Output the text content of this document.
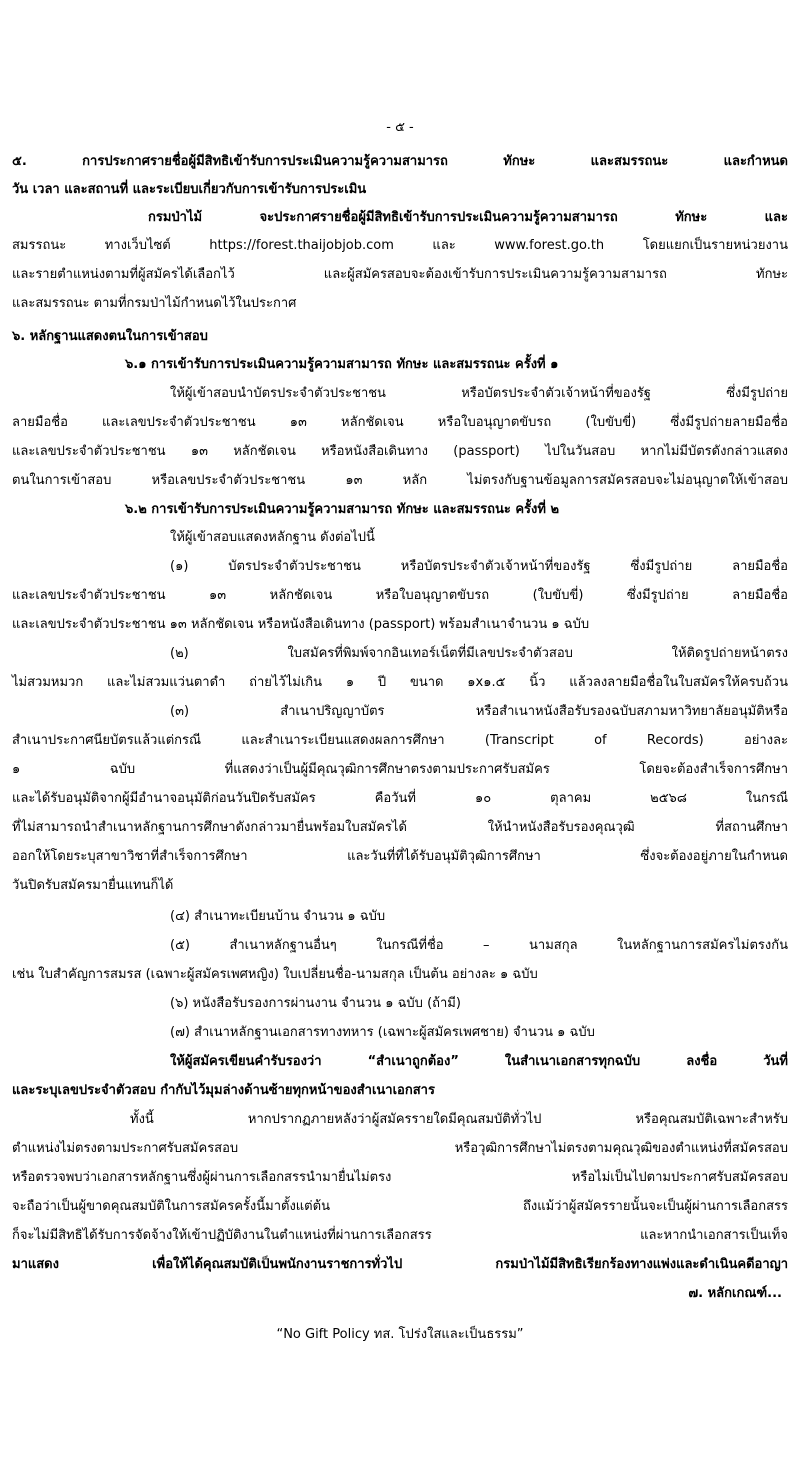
- ๕ -
๕. การประกาศรายชื่อผู้มีสิทธิเข้ารับการประเมินความรู้ความสามารถ ทักษะ และสมรรถนะ และกำหนด
วัน เวลา และสถานที่ และระเบียบเกี่ยวกับการเข้ารับการประเมิน
กรมป่าไม้ จะประกาศรายชื่อผู้มีสิทธิเข้ารับการประเมินความรู้ความสามารถ ทักษะ และ
สมรรถนะ ทางเว็บไซต์ https://forest.thaijobjob.com และ www.forest.go.th โดยแยกเป็นรายหน่วยงาน
และรายตำแหน่งตามที่ผู้สมัครได้เลือกไว้ และผู้สมัครสอบจะต้องเข้ารับการประเมินความรู้ความสามารถ ทักษะ
และสมรรถนะ ตามที่กรมป่าไม้กำหนดไว้ในประกาศ
๖. หลักฐานแสดงตนในการเข้าสอบ
๖.๑ การเข้ารับการประเมินความรู้ความสามารถ ทักษะ และสมรรถนะ ครั้งที่ ๑
ให้ผู้เข้าสอบนำบัตรประจำตัวประชาชน หรือบัตรประจำตัวเจ้าหน้าที่ของรัฐ ซึ่งมีรูปถ่าย
ลายมือชื่อ และเลขประจำตัวประชาชน ๑๓ หลักชัดเจน หรือใบอนุญาตขับรถ (ใบขับขี่) ซึ่งมีรูปถ่ายลายมือชื่อ
และเลขประจำตัวประชาชน ๑๓ หลักชัดเจน หรือหนังสือเดินทาง (passport) ไปในวันสอบ หากไม่มีบัตรดังกล่าวแสดง
ตนในการเข้าสอบ หรือเลขประจำตัวประชาชน ๑๓ หลัก ไม่ตรงกับฐานข้อมูลการสมัครสอบจะไม่อนุญาตให้เข้าสอบ
๖.๒ การเข้ารับการประเมินความรู้ความสามารถ ทักษะ และสมรรถนะ ครั้งที่ ๒
ให้ผู้เข้าสอบแสดงหลักฐาน ดังต่อไปนี้
(๑) บัตรประจำตัวประชาชน หรือบัตรประจำตัวเจ้าหน้าที่ของรัฐ ซึ่งมีรูปถ่าย ลายมือชื่อ
และเลขประจำตัวประชาชน ๑๓ หลักชัดเจน หรือใบอนุญาตขับรถ (ใบขับขี่) ซึ่งมีรูปถ่าย ลายมือชื่อ
และเลขประจำตัวประชาชน ๑๓ หลักชัดเจน หรือหนังสือเดินทาง (passport) พร้อมสำเนาจำนวน ๑ ฉบับ
(๒) ใบสมัครที่พิมพ์จากอินเทอร์เน็ตที่มีเลขประจำตัวสอบ ให้ติดรูปถ่ายหน้าตรง
ไม่สวมหมวก และไม่สวมแว่นตาดำ ถ่ายไว้ไม่เกิน ๑ ปี ขนาด ๑x๑.๕ นิ้ว แล้วลงลายมือชื่อในใบสมัครให้ครบถ้วน
(๓) สำเนาปริญญาบัตร หรือสำเนาหนังสือรับรองฉบับสภามหาวิทยาลัยอนุมัติหรือ
สำเนาประกาศนียบัตรแล้วแต่กรณี และสำเนาระเบียนแสดงผลการศึกษา (Transcript of Records) อย่างละ
๑ ฉบับ ที่แสดงว่าเป็นผู้มีคุณวุฒิการศึกษาตรงตามประกาศรับสมัคร โดยจะต้องสำเร็จการศึกษา
และได้รับอนุมัติจากผู้มีอำนาจอนุมัติก่อนวันปิดรับสมัคร คือวันที่ ๑๐ ตุลาคม ๒๕๖๘ ในกรณี
ที่ไม่สามารถนำสำเนาหลักฐานการศึกษาดังกล่าวมายื่นพร้อมใบสมัครได้ ให้นำหนังสือรับรองคุณวุฒิ ที่สถานศึกษา
ออกให้โดยระบุสาขาวิชาที่สำเร็จการศึกษา และวันที่ที่ได้รับอนุมัติวุฒิการศึกษา ซึ่งจะต้องอยู่ภายในกำหนด
วันปิดรับสมัครมายื่นแทนก็ได้
(๔) สำเนาทะเบียนบ้าน จำนวน ๑ ฉบับ
(๕) สำเนาหลักฐานอื่นๆ ในกรณีที่ชื่อ – นามสกุล ในหลักฐานการสมัครไม่ตรงกัน
เช่น ใบสำคัญการสมรส (เฉพาะผู้สมัครเพศหญิง) ใบเปลี่ยนชื่อ-นามสกุล เป็นต้น อย่างละ ๑ ฉบับ
(๖) หนังสือรับรองการผ่านงาน จำนวน ๑ ฉบับ (ถ้ามี)
(๗) สำเนาหลักฐานเอกสารทางทหาร (เฉพาะผู้สมัครเพศชาย) จำนวน ๑ ฉบับ
ให้ผู้สมัครเขียนคำรับรองว่า “สำเนาถูกต้อง” ในสำเนาเอกสารทุกฉบับ ลงชื่อ วันที่
และระบุเลขประจำตัวสอบ กำกับไว้มุมล่างด้านซ้ายทุกหน้าของสำเนาเอกสาร
ทั้งนี้ หากปรากฏภายหลังว่าผู้สมัครรายใดมีคุณสมบัติทั่วไป หรือคุณสมบัติเฉพาะสำหรับ
ตำแหน่งไม่ตรงตามประกาศรับสมัครสอบ หรือวุฒิการศึกษาไม่ตรงตามคุณวุฒิของตำแหน่งที่สมัครสอบ
หรือตรวจพบว่าเอกสารหลักฐานซึ่งผู้ผ่านการเลือกสรรนำมายื่นไม่ตรง หรือไม่เป็นไปตามประกาศรับสมัครสอบ
จะถือว่าเป็นผู้ขาดคุณสมบัติในการสมัครครั้งนี้มาตั้งแต่ต้น ถึงแม้ว่าผู้สมัครรายนั้นจะเป็นผู้ผ่านการเลือกสรร
ก็จะไม่มีสิทธิได้รับการจัดจ้างให้เข้าปฏิบัติงานในตำแหน่งที่ผ่านการเลือกสรร และหากนำเอกสารเป็นเท็จ
มาแสดง เพื่อให้ได้คุณสมบัติเป็นพนักงานราชการทั่วไป กรมป่าไม้มีสิทธิเรียกร้องทางแพ่งและดำเนินคดีอาญา
๗. หลักเกณฑ์...
“No Gift Policy ทส. โปร่งใสและเป็นธรรม”
